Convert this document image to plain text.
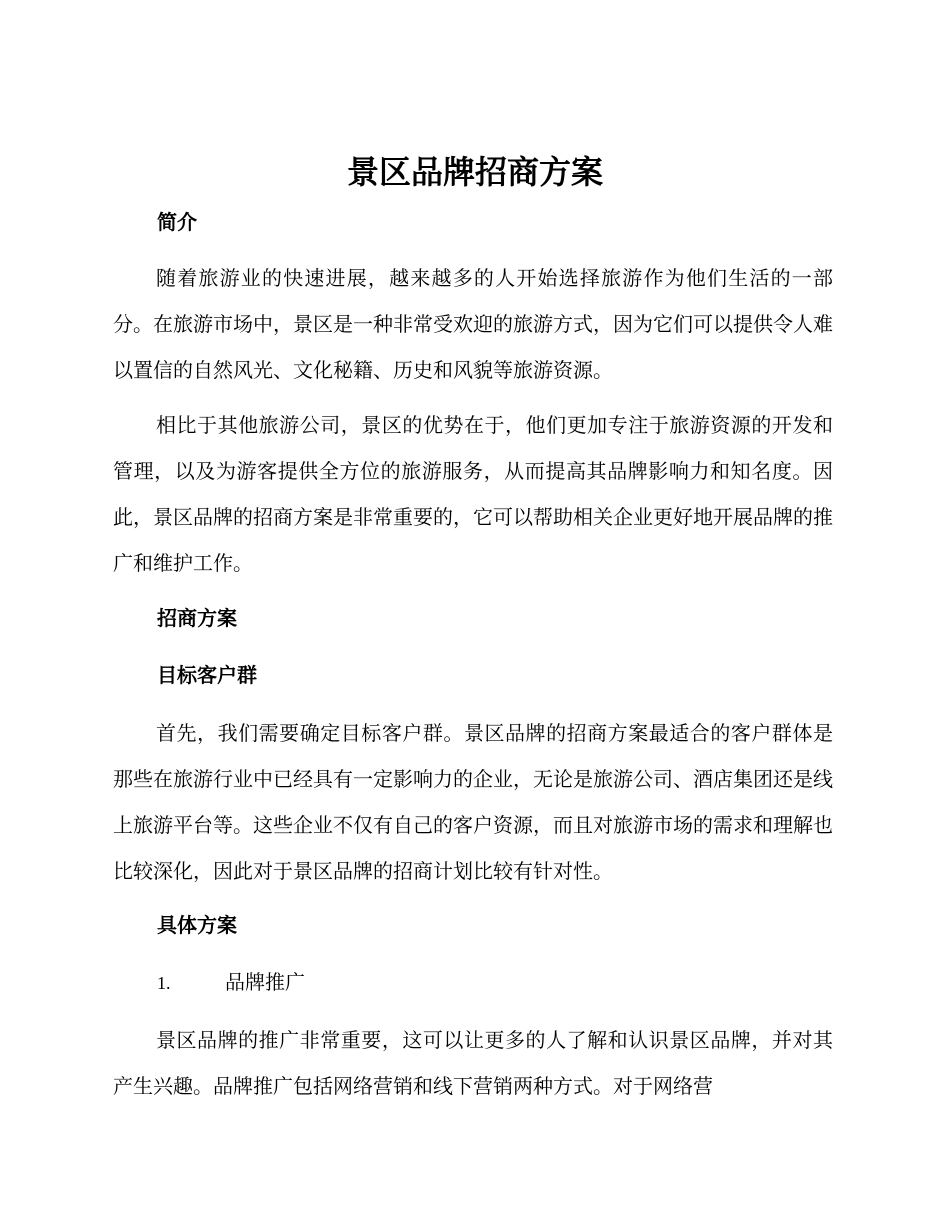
景区品牌招商方案
简介
随着旅游业的快速进展，越来越多的人开始选择旅游作为他们生活的一部分。在旅游市场中，景区是一种非常受欢迎的旅游方式，因为它们可以提供令人难以置信的自然风光、文化秘籍、历史和风貌等旅游资源。
相比于其他旅游公司，景区的优势在于，他们更加专注于旅游资源的开发和管理，以及为游客提供全方位的旅游服务，从而提高其品牌影响力和知名度。因此，景区品牌的招商方案是非常重要的，它可以帮助相关企业更好地开展品牌的推广和维护工作。
招商方案
目标客户群
首先，我们需要确定目标客户群。景区品牌的招商方案最适合的客户群体是那些在旅游行业中已经具有一定影响力的企业，无论是旅游公司、酒店集团还是线上旅游平台等。这些企业不仅有自己的客户资源，而且对旅游市场的需求和理解也比较深化，因此对于景区品牌的招商计划比较有针对性。
具体方案
1.	品牌推广
景区品牌的推广非常重要，这可以让更多的人了解和认识景区品牌，并对其产生兴趣。品牌推广包括网络营销和线下营销两种方式。对于网络营
